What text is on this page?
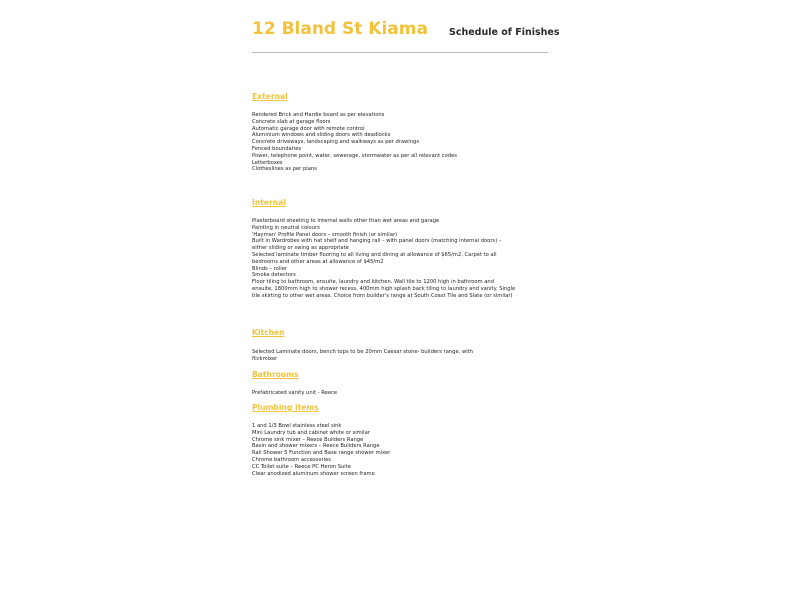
12 Bland St Kiama Schedule of Finishes
External
Rendered Brick and Hardie board as per elevations
Concrete slab at garage floors
Automatic garage door with remote control
Aluminium windows and sliding doors with deadlocks
Concrete driveways, landscaping and walkways as per drawings
Fenced boundaries
Power, telephone point, water, sewerage, stormwater as per all relevant codes
Letterboxes
Clotheslines as per plans
Internal
Plasterboard sheeting to internal walls other than wet areas and garage
Painting in neutral colours
'Hayman' Profile Panel doors – smooth finish (or similar)
Built in Wardrobes with hat shelf and hanging rail – with panel doors (matching internal doors) –
either sliding or swing as appropriate
Selected laminate timber flooring to all living and dining at allowance of $65/m2, Carpet to all
bedrooms and other areas at allowance of $45/m2
Blinds – roller
Smoke detectors
Floor tiling to bathroom, ensuite, laundry and kitchen. Wall tile to 1200 high in bathroom and
ensuite, 1800mm high to shower recess, 400mm high splash back tiling to laundry and vanity. Single
tile skirting to other wet areas. Choice from builder's range at South Coast Tile and Slate (or similar)
Kitchen
Selected Laminate doors, bench tops to be 20mm Caesar stone- builders range, with
flickmixer
Bathrooms
Prefabricated vanity unit - Reece
Plumbing items
1 and 1/3 Bowl stainless steel sink
Mini Laundry tub and cabinet white or similar
Chrome sink mixer – Reece Builders Range
Basin and shower mixers – Reece Builders Range
Rail Shower 5 Function and Base range shower mixer
Chrome bathroom accessories
CC Toilet suite – Reece PC Heron Suite
Clear anodized aluminum shower screen frame
